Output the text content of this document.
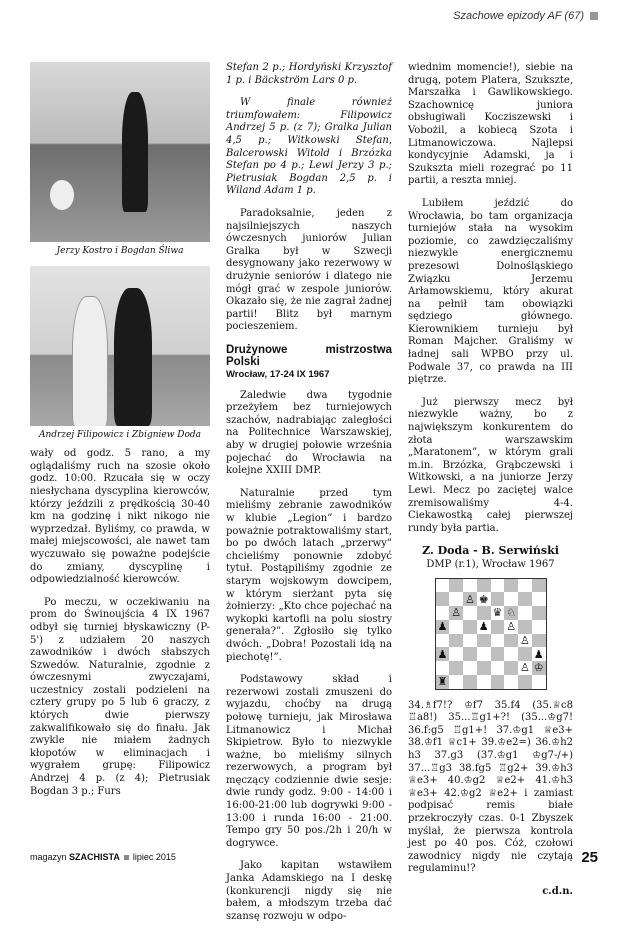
Szachowe epizody AF (67)
Jerzy Kostro i Bogdan Śliwa
Andrzej Filipowicz i Zbigniew Doda

wały od godz. 5 rano, a my oglądaliśmy ruch na szosie około godz. 10:00. Rzucała się w oczy niesłychana dyscyplina kierowców, którzy jeździli z prędkością 30-40 km na godzinę i nikt nikogo nie wyprzedzał. Byliśmy, co prawda, w małej miejscowości, ale nawet tam wyczuwało się poważne podejście do zmiany, dyscyplinę i odpowiedzialność kierowców.

Po meczu, w oczekiwaniu na prom do Świnoujścia 4 IX 1967 odbył się turniej błyskawiczny (P-5') z udziałem 20 naszych zawodników i dwóch słabszych Szwedów. Naturalnie, zgodnie z ówczesnymi zwyczajami, uczestnicy zostali podzieleni na cztery grupy po 5 lub 6 graczy, z których dwie pierwszy zakwalifikowało się do finału. Jak zwykle nie miałem żadnych kłopotów w eliminacjach i wygrałem grupę: Filipowicz Andrzej 4 p. (z 4); Pietrusiak Bogdan 3 p.; Furs

Stefan 2 p.; Hordyński Krzysztof 1 p. i Bäckström Lars 0 p.

W finale również triumfowałem: Filipowicz Andrzej 5 p. (z 7); Gralka Julian 4,5 p.; Witkowski Stefan, Balcerowski Witold i Brzózka Stefan po 4 p.; Lewi Jerzy 3 p.; Pietrusiak Bogdan 2,5 p. i Wiland Adam 1 p.

Paradoksalnie, jeden z najsilniejszych naszych ówczesnych juniorów Julian Gralka był w Szwecji desygnowany jako rezerwowy w drużynie seniorów i dlatego nie mógł grać w zespole juniorów. Okazało się, że nie zagrał żadnej partii! Blitz był marnym pocieszeniem.

Drużynowe mistrzostwa Polski
Wrocław, 17-24 IX 1967

Zaledwie dwa tygodnie przeżyłem bez turniejowych szachów, nadrabiając zaległości na Politechnice Warszawskiej, aby w drugiej połowie września pojechać do Wrocławia na kolejne XXIII DMP.

Naturalnie przed tym mieliśmy zebranie zawodników w klubie „Legion” i bardzo poważnie potraktowaliśmy start, bo po dwóch latach „przerwy” chcieliśmy ponownie zdobyć tytuł. Postąpiliśmy zgodnie ze starym wojskowym dowcipem, w którym sierżant pyta się żołnierzy: „Kto chce pojechać na wykopki kartofli na polu siostry generała?”. Zgłosiło się tylko dwóch. „Dobra! Pozostali idą na piechotę!”.

Podstawowy skład i rezerwowi zostali zmuszeni do wyjazdu, choćby na drugą połowę turnieju, jak Mirosława Litmanowicz i Michał Skipietrow. Było to niezwykle ważne, bo mieliśmy silnych rezerwowych, a program był męczący codziennie dwie sesje: dwie rundy godz. 9:00 - 14:00 i 16:00-21:00 lub dogrywki 9:00 - 13:00 i runda 16:00 - 21:00. Tempo gry 50 pos./2h i 20/h w dogrywce.

Jako kapitan wstawiłem Janka Adamskiego na I deskę (konkurencji nigdy się nie bałem, a młodszym trzeba dać szansę rozwoju w odpo-

wiednim momencie!), siebie na drugą, potem Platera, Szukszte, Marszałka i Gawlikowskiego. Szachownicę juniora obsługiwali Kocziszewski i Vobożil, a kobiecą Szota i Litmanowiczowa. Najlepsi kondycyjnie Adamski, ja i Szukszta mieli rozegrać po 11 partii, a reszta mniej.

Lubiłem jeździć do Wrocławia, bo tam organizacja turniejów stała na wysokim poziomie, co zawdzięczaliśmy niezwykle energicznemu prezesowi Dolnośląskiego Związku Jerzemu Arłamowskiemu, który akurat na pełnił tam obowiązki sędziego głównego. Kierownikiem turnieju był Roman Majcher. Graliśmy w ładnej sali WPBO przy ul. Podwale 37, co prawda na III piętrze.

Już pierwszy mecz był niezwykle ważny, bo z największym konkurentem do złota warszawskim „Maratonem”, w którym grali m.in. Brzózka, Grąbczewski i Witkowski, a na juniorze Jerzy Lewi. Mecz po zaciętej walce zremisowaliśmy 4-4. Ciekawostką całej pierwszej rundy była partia.

Z. Doda - B. Serwiński
DMP (r.1), Wrocław 1967
♙ ♚
♙	♛ ♘
♟	♟ ♙
♙
♟	♟
♙ ♔
♜

34.♗f7!? ♔f7 35.f4 (35.♕c8 ♖a8!) 35...♖g1+?! (35...♔g7! 36.f:g5 ♖g1+! 37.♔g1 ♕e3+ 38.♔f1 ♕c1+ 39.♔e2=) 36.♔h2 h3 37.g3 (37.♔g1 ♔g7-/+) 37...♖g3 38.fg5 ♖g2+ 39.♔h3 ♕e3+ 40.♔g2 ♕e2+ 41.♔h3 ♕e3+ 42.♔g2 ♕e2+ i zamiast podpisać remis białe przekroczyły czas. 0-1 Zbyszek myślał, że pierwsza kontrola jest po 40 pos. Cóż, czołowi zawodnicy nigdy nie czytają regulaminu!?

c.d.n.
magazyn SZACHISTA lipiec 2015	25
